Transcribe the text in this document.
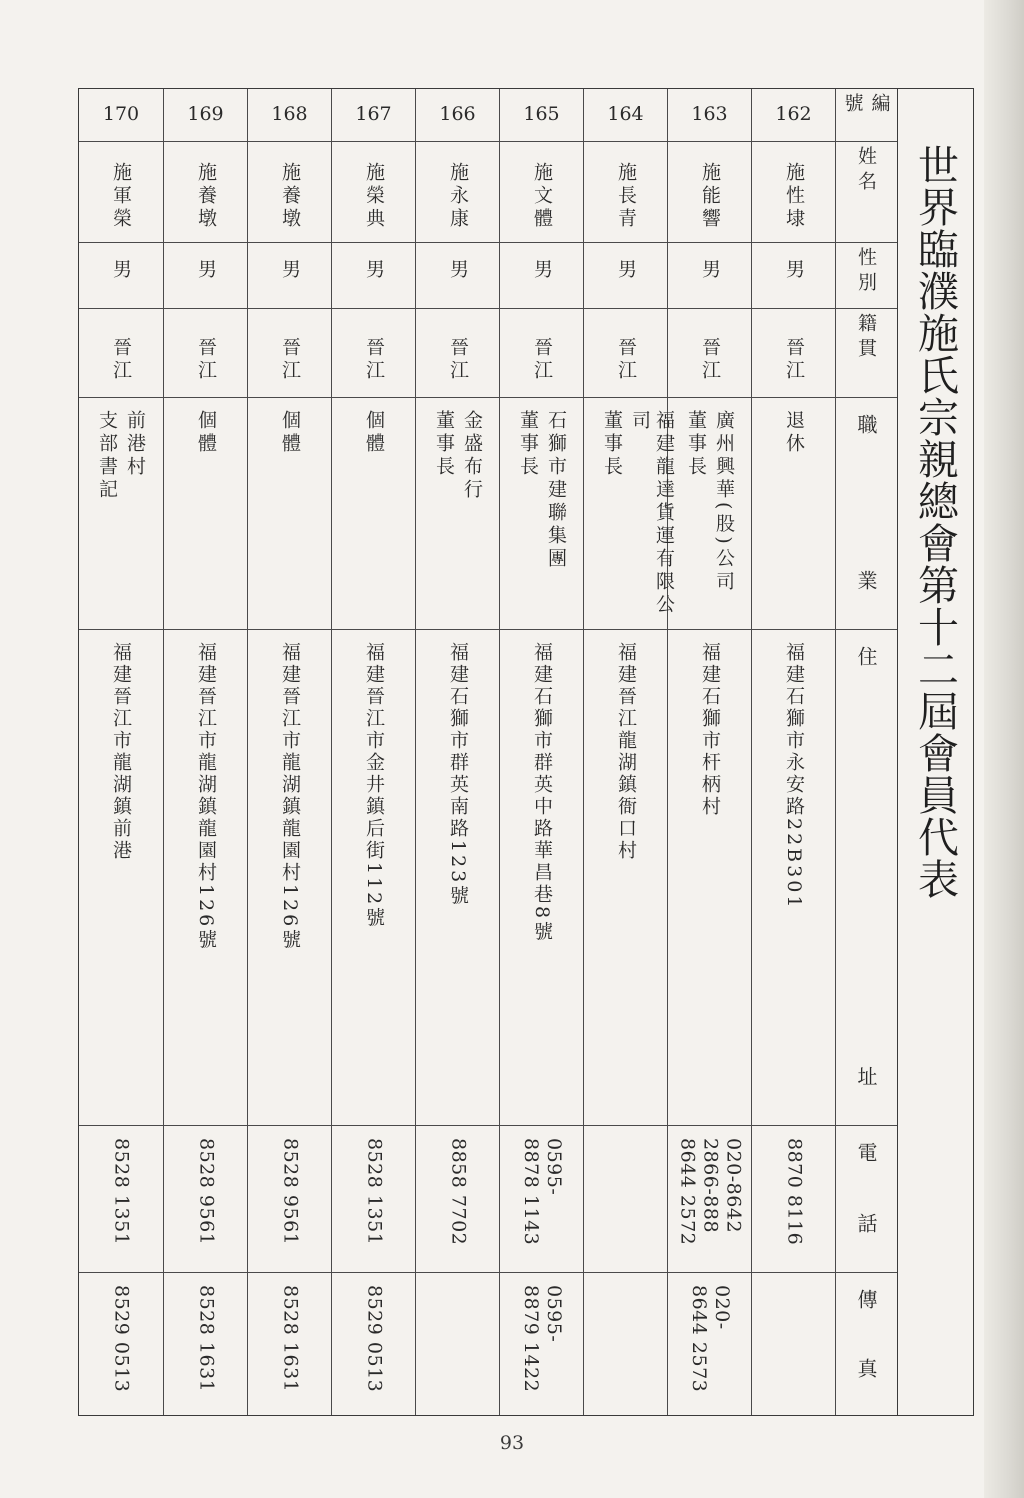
世界臨濮施氏宗親總會第十二屆會員代表
編號
姓名
性別
籍貫
職
業
住
址
電
話
傳
真
162
施性埭
男
晉江
退休
福建石獅市永安路22B301
8870 8116
163
施能響
男
晉江
廣州興華(股)公司
董事長
福建石獅市杆柄村
020-8642
2866-888
8644 2572
020-
8644 2573
164
施長青
男
晉江
福建龍達貨運有限公司
董事長
福建晉江龍湖鎮衙口村
165
施文體
男
晉江
石獅市建聯集團
董事長
福建石獅市群英中路華昌巷8號
0595-
8878 1143
0595-
8879 1422
166
施永康
男
晉江
金盛布行
董事長
福建石獅市群英南路123號
8858 7702
167
施榮典
男
晉江
個體
福建晉江市金井鎮后街112號
8528 1351
8529 0513
168
施養墩
男
晉江
個體
福建晉江市龍湖鎮龍園村126號
8528 9561
8528 1631
169
施養墩
男
晉江
個體
福建晉江市龍湖鎮龍園村126號
8528 9561
8528 1631
170
施軍榮
男
晉江
前港村
支部書記
福建晉江市龍湖鎮前港
8528 1351
8529 0513
93
